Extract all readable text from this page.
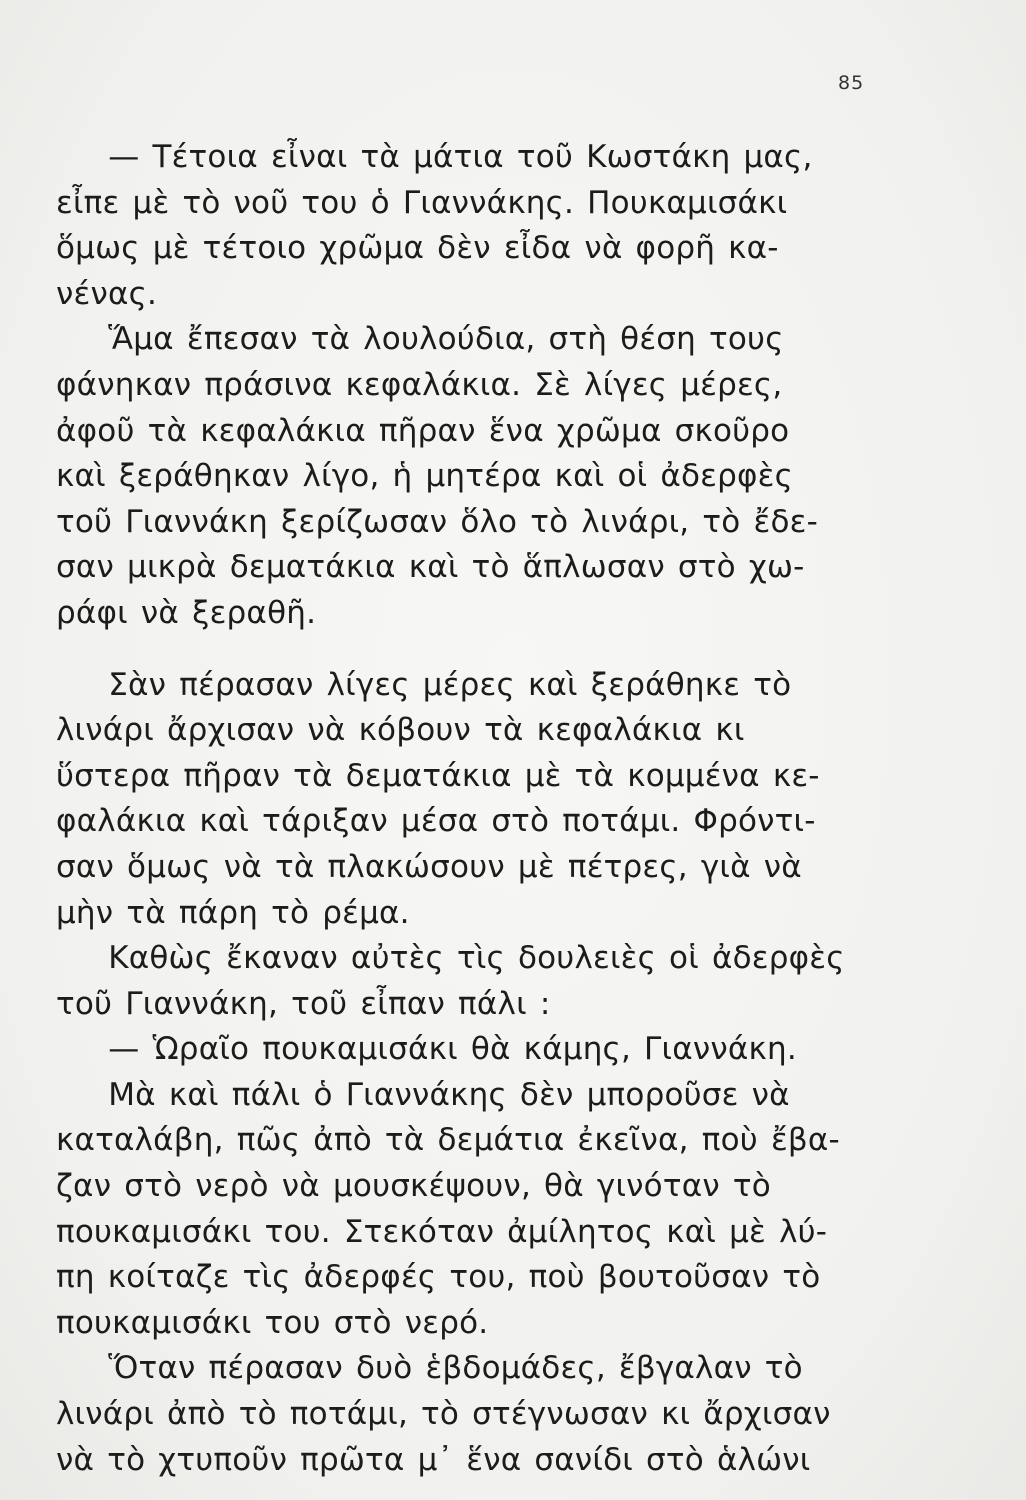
85
— Τέτοια εἶναι τὰ μάτια τοῦ Κωστάκη μας,
εἶπε μὲ τὸ νοῦ του ὁ Γιαννάκης. Πουκαμισάκι
ὅμως μὲ τέτοιο χρῶμα δὲν εἶδα νὰ φορῆ κα-
νένας.
Ἅμα ἔπεσαν τὰ λουλούδια, στὴ θέση τους
φάνηκαν πράσινα κεφαλάκια. Σὲ λίγες μέρες,
ἀφοῦ τὰ κεφαλάκια πῆραν ἕνα χρῶμα σκοῦρο
καὶ ξεράθηκαν λίγο, ἡ μητέρα καὶ οἱ ἀδερφὲς
τοῦ Γιαννάκη ξερίζωσαν ὅλο τὸ λινάρι, τὸ ἔδε-
σαν μικρὰ δεματάκια καὶ τὸ ἅπλωσαν στὸ χω-
ράφι νὰ ξεραθῆ.
Σὰν πέρασαν λίγες μέρες καὶ ξεράθηκε τὸ
λινάρι ἄρχισαν νὰ κόβουν τὰ κεφαλάκια κι
ὕστερα πῆραν τὰ δεματάκια μὲ τὰ κομμένα κε-
φαλάκια καὶ τάριξαν μέσα στὸ ποτάμι. Φρόντι-
σαν ὅμως νὰ τὰ πλακώσουν μὲ πέτρες, γιὰ νὰ
μὴν τὰ πάρη τὸ ρέμα.
Καθὼς ἔκαναν αὐτὲς τὶς δουλειὲς οἱ ἀδερφὲς
τοῦ Γιαννάκη, τοῦ εἶπαν πάλι :
— Ὡραῖο πουκαμισάκι θὰ κάμης, Γιαννάκη.
Μὰ καὶ πάλι ὁ Γιαννάκης δὲν μποροῦσε νὰ
καταλάβη, πῶς ἀπὸ τὰ δεμάτια ἐκεῖνα, ποὺ ἔβα-
ζαν στὸ νερὸ νὰ μουσκέψουν, θὰ γινόταν τὸ
πουκαμισάκι του. Στεκόταν ἀμίλητος καὶ μὲ λύ-
πη κοίταζε τὶς ἀδερφές του, ποὺ βουτοῦσαν τὸ
πουκαμισάκι του στὸ νερό.
Ὅταν πέρασαν δυὸ ἑβδομάδες, ἔβγαλαν τὸ
λινάρι ἀπὸ τὸ ποτάμι, τὸ στέγνωσαν κι ἄρχισαν
νὰ τὸ χτυποῦν πρῶτα μ᾿ ἕνα σανίδι στὸ ἁλώνι
